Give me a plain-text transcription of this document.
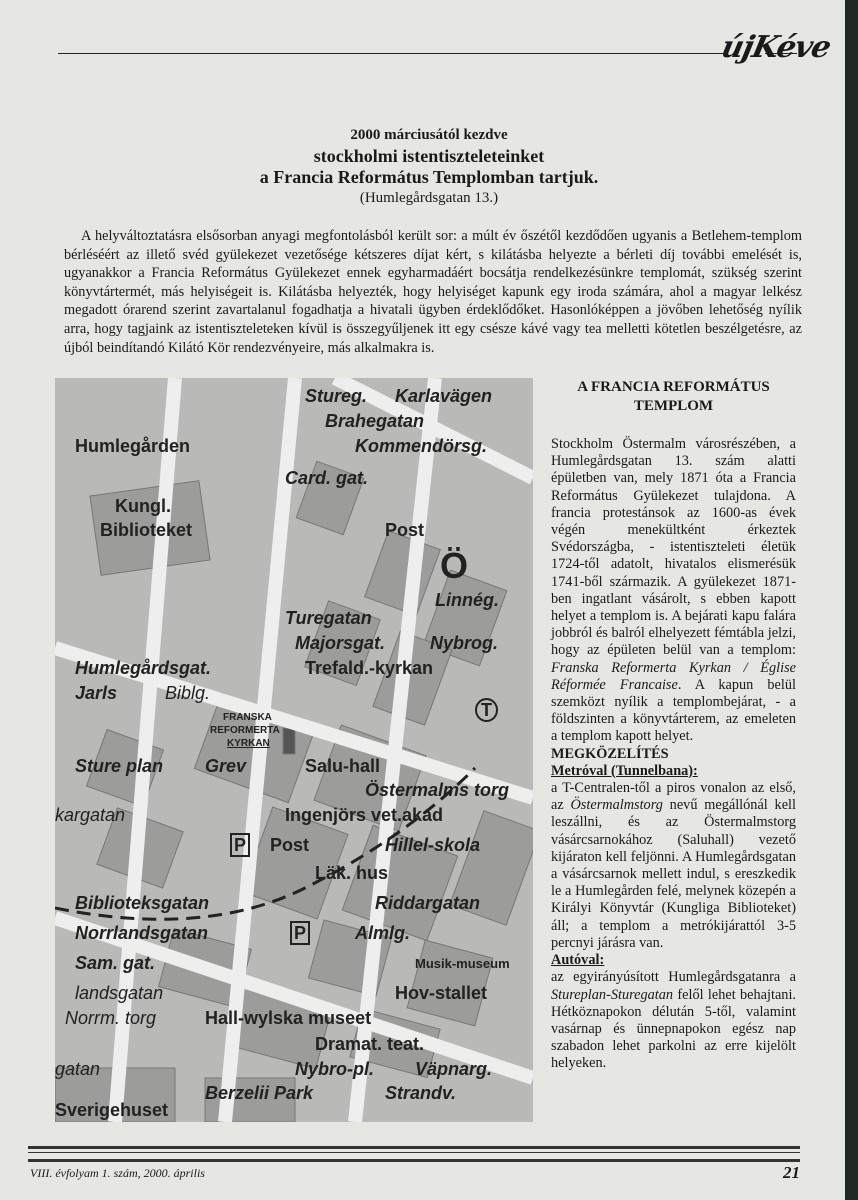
újKéve
2000 márciusától kezdve
stockholmi istentiszteleteinket
a Francia Református Templomban tartjuk.
(Humlegårdsgatan 13.)
A helyváltoztatásra elsősorban anyagi megfontolásból került sor: a múlt év őszétől kezdődően ugyanis a Betlehem-templom bérléséért az illető svéd gyülekezet vezetősége kétszeres díjat kért, s kilátásba helyezte a bérleti díj további emelését is, ugyanakkor a Francia Református Gyülekezet ennek egyharmadáért bocsátja rendelkezésünkre templomát, szükség szerint könyvtártermét, más helyiségeit is. Kilátásba helyezték, hogy helyiséget kapunk egy iroda számára, ahol a magyar lelkész megadott órarend szerint zavartalanul fogadhatja a hivatali ügyben érdeklődőket. Hasonlóképpen a jövőben lehetőség nyílik arra, hogy tagjaink az istentiszteleteken kívül is összegyűljenek itt egy csésze kávé vagy tea melletti kötetlen beszélgetésre, az újból beindítandó Kilátó Kör rendezvényeire, más alkalmakra is.
Stureg. Karlavägen
Brahegatan
Humlegården	Kommendörsg.
Card. gat.
Kungl.
Biblioteket	Post
Ö
Linnég.
Turegatan
Majorsgat. Nybrog.
Humlegårdsgat.	Trefald.-kyrkan
Jarls	Biblg.
T
FRANSKA
REFORMERTA
KYRKAN
Sture plan Grev	Salu-hall
Östermalms torg
kargatan	Ingenjörs vet.akad
P Post	Hillel-skola
Läk. hus
Biblioteksgatan	Riddargatan
Norrlandsgatan	P	Almlg.
Sam. gat.	Musik-museum
landsgatan	Hov-stallet
Norrm. torg	Hall-wylska museet
Dramat. teat.
gatan	Nybro-pl. Väpnarg.
Berzelii Park	Strandv.
Sverigehuset
A FRANCIA REFORMÁTUS TEMPLOM

Stockholm Östermalm városrészében, a Humlegårdsgatan 13. szám alatti épületben van, mely 1871 óta a Francia Református Gyülekezet tulajdona. A francia protestánsok az 1600-as évek végén menekültként érkeztek Svédországba, - istentiszteleti életük 1724-től adatolt, hivatalos elismerésük 1741-ből származik. A gyülekezet 1871-ben ingatlant vásárolt, s ebben kapott helyet a templom is. A bejárati kapu falára jobbról és balról elhelyezett fémtábla jelzi, hogy az épületen belül van a templom: Franska Reformerta Kyrkan / Église Réformée Francaise. A kapun belül szemközt nyílik a templombejárat, - a földszinten a könyvtárterem, az emeleten a templom kapott helyet.

MEGKÖZELÍTÉS

Metróval (Tunnelbana):

a T-Centralen-től a piros vonalon az első, az Östermalmstorg nevű megállónál kell leszállni, és az Östermalmstorg vásárcsarnokához (Saluhall) vezető kijáraton kell feljönni. A Humlegårdsgatan a vásárcsarnok mellett indul, s ereszkedik le a Humlegården felé, melynek közepén a Királyi Könyvtár (Kungliga Biblioteket) áll; a templom a metrókijárattól 3-5 percnyi járásra van.

Autóval:

az egyirányúsított Humlegårdsgatanra a Stureplan-Sturegatan felől lehet behajtani. Hétköznapokon délután 5-től, valamint vasárnap és ünnepnapokon egész nap szabadon lehet parkolni az erre kijelölt helyeken.

VIII. évfolyam 1. szám, 2000. április	21
